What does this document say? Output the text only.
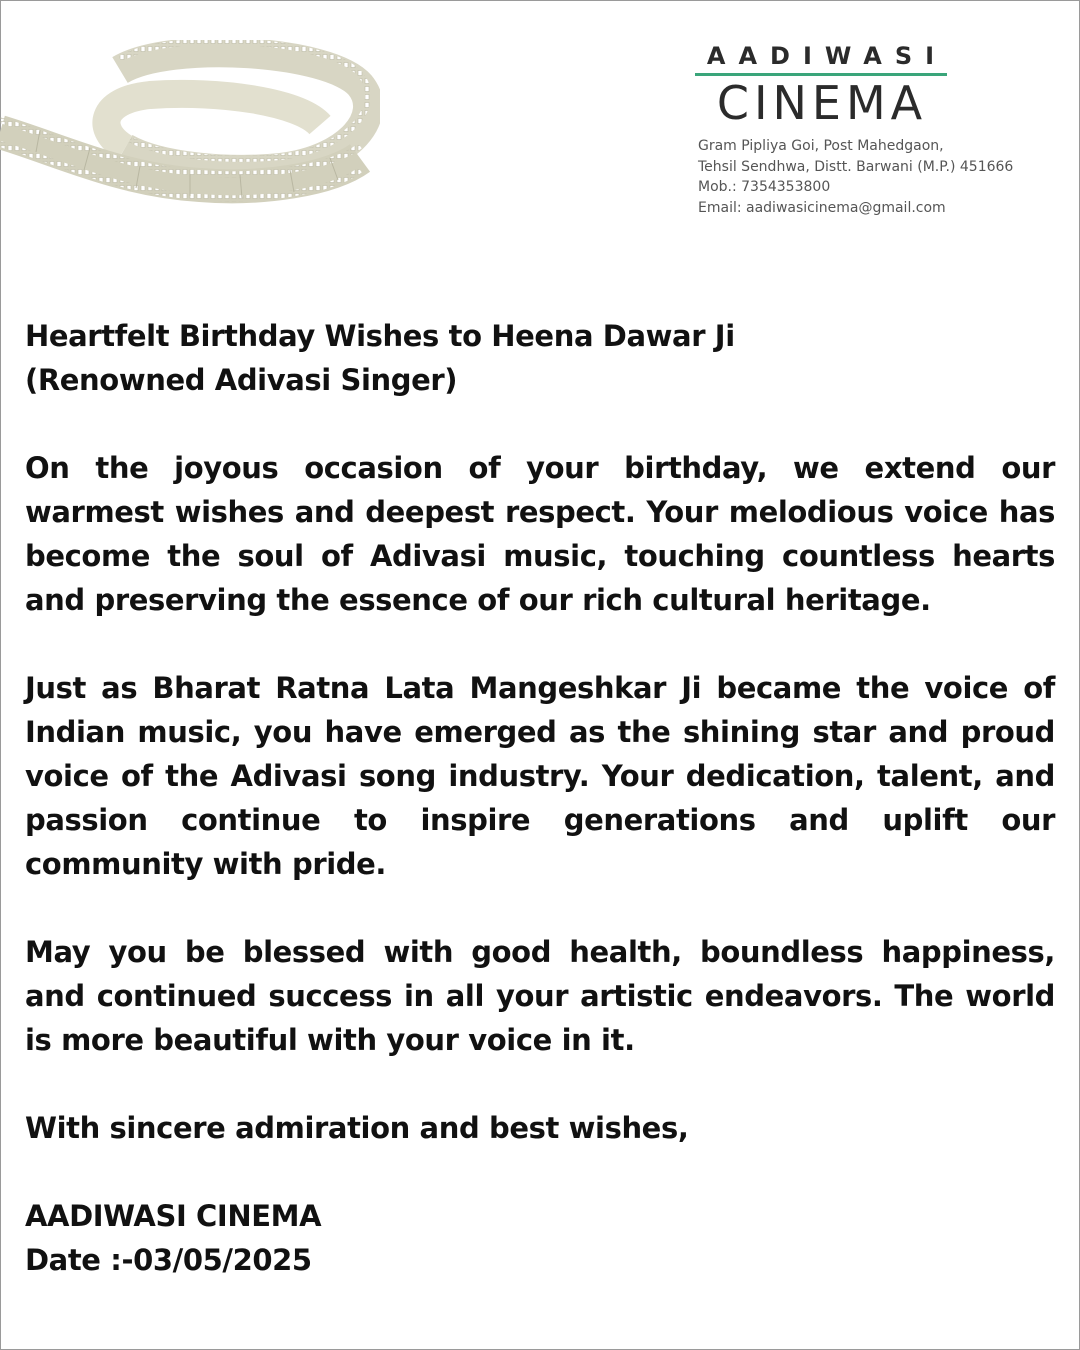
AADIWASI
CINEMA
Gram Pipliya Goi, Post Mahedgaon,
Tehsil Sendhwa, Distt. Barwani (M.P.) 451666
Mob.: 7354353800
Email: aadiwasicinema@gmail.com

Heartfelt Birthday Wishes to Heena Dawar Ji
(Renowned Adivasi Singer)

On the joyous occasion of your birthday, we extend our warmest wishes and deepest respect. Your melodious voice has become the soul of Adivasi music, touching countless hearts and preserving the essence of our rich cultural heritage.

Just as Bharat Ratna Lata Mangeshkar Ji became the voice of Indian music, you have emerged as the shining star and proud voice of the Adivasi song industry. Your dedication, talent, and passion continue to inspire generations and uplift our community with pride.

May you be blessed with good health, boundless happiness, and continued success in all your artistic endeavors. The world is more beautiful with your voice in it.

With sincere admiration and best wishes,

AADIWASI CINEMA
Date :-03/05/2025
